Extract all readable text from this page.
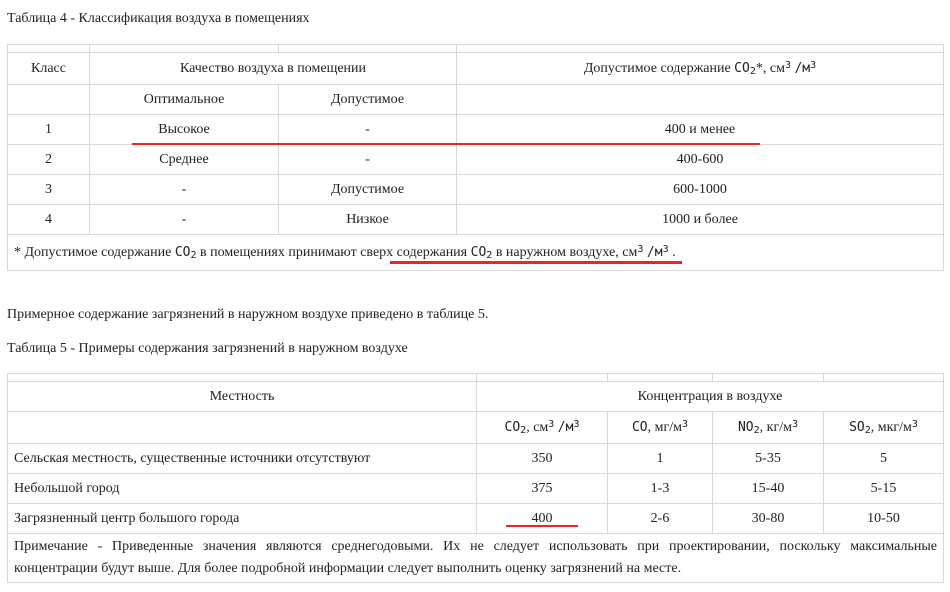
Таблица 4 - Классификация воздуха в помещениях

Класс	Качество воздуха в помещении		Допустимое содержание $CO_2*$, $см^3$ $/м^3$
	Оптимальное	Допустимое	
1	Высокое	-	400 и менее
2	Среднее	-	400-600
3	-	Допустимое	600-1000
4	-	Низкое	1000 и более
* Допустимое содержание $CO_2$ в помещениях принимают сверх содержания $CO_2$ в наружном воздухе, $см^3$ $/м^3$ .			
Примерное содержание загрязнений в наружном воздухе приведено в таблице 5.
Таблица 5 - Примеры содержания загрязнений в наружном воздухе

Местность	Концентрация в воздухе			
	$CO_2$, $см^3$ $/м^3$	CO, $мг/м^3$	$NO_2$, $кг/м^3$	$SO_2$, мкг/$м^3$
Сельская местность, существенные источники отсутствуют	350	1	5-35	5
Небольшой город	375	1-3	15-40	5-15
Загрязненный центр большого города	400	2-6	30-80	10-50
Примечание - Приведенные значения являются среднегодовыми. Их не следует использовать при проектировании, поскольку максимальные концентрации будут выше. Для более подробной информации следует выполнить оценку загрязнений на месте.				
